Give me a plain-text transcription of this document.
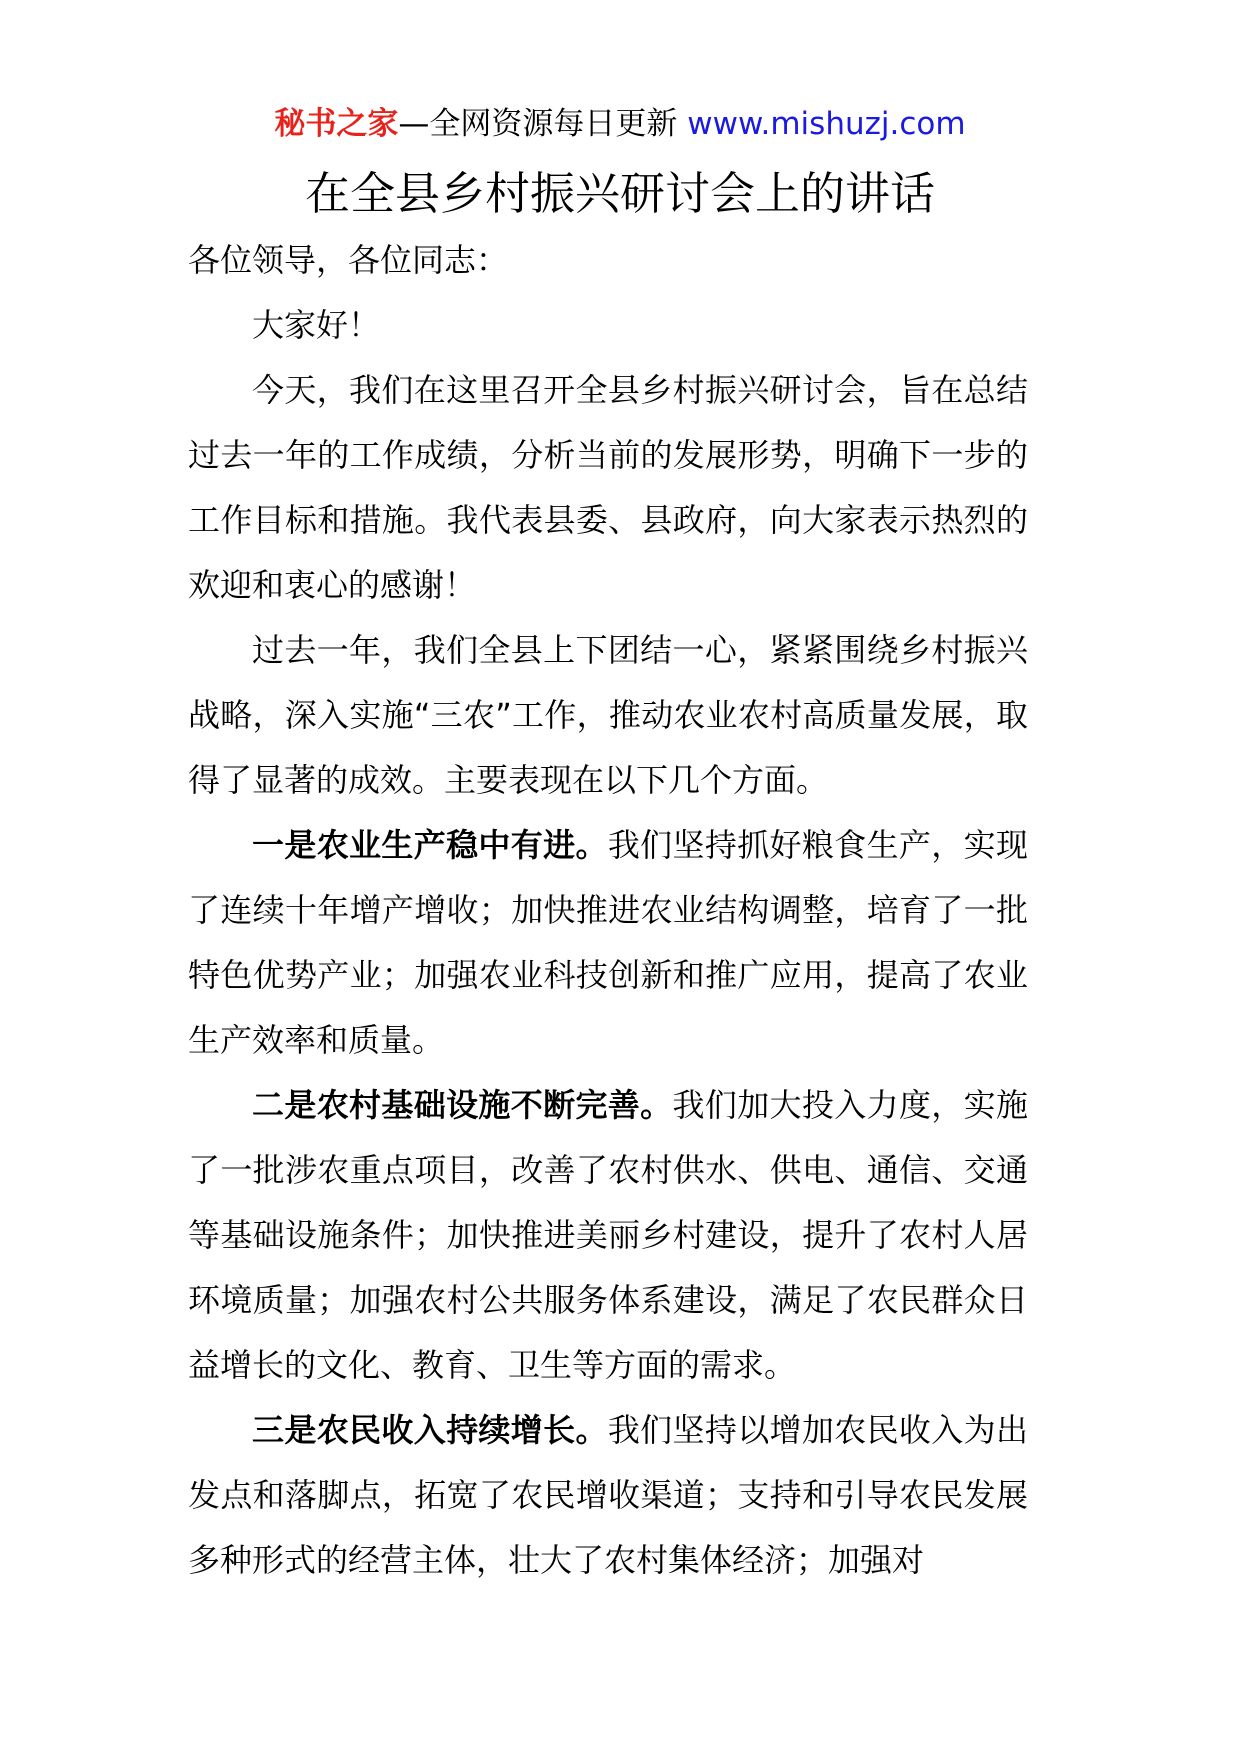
秘书之家—全网资源每日更新 www.mishuzj.com
在全县乡村振兴研讨会上的讲话

各位领导，各位同志：

大家好！

今天，我们在这里召开全县乡村振兴研讨会，旨在总结过去一年的工作成绩，分析当前的发展形势，明确下一步的工作目标和措施。我代表县委、县政府，向大家表示热烈的欢迎和衷心的感谢！

过去一年，我们全县上下团结一心，紧紧围绕乡村振兴战略，深入实施“三农”工作，推动农业农村高质量发展，取得了显著的成效。主要表现在以下几个方面。

一是农业生产稳中有进。我们坚持抓好粮食生产，实现了连续十年增产增收；加快推进农业结构调整，培育了一批特色优势产业；加强农业科技创新和推广应用，提高了农业生产效率和质量。

二是农村基础设施不断完善。我们加大投入力度，实施了一批涉农重点项目，改善了农村供水、供电、通信、交通等基础设施条件；加快推进美丽乡村建设，提升了农村人居环境质量；加强农村公共服务体系建设，满足了农民群众日益增长的文化、教育、卫生等方面的需求。

三是农民收入持续增长。我们坚持以增加农民收入为出发点和落脚点，拓宽了农民增收渠道；支持和引导农民发展多种形式的经营主体，壮大了农村集体经济；加强对
